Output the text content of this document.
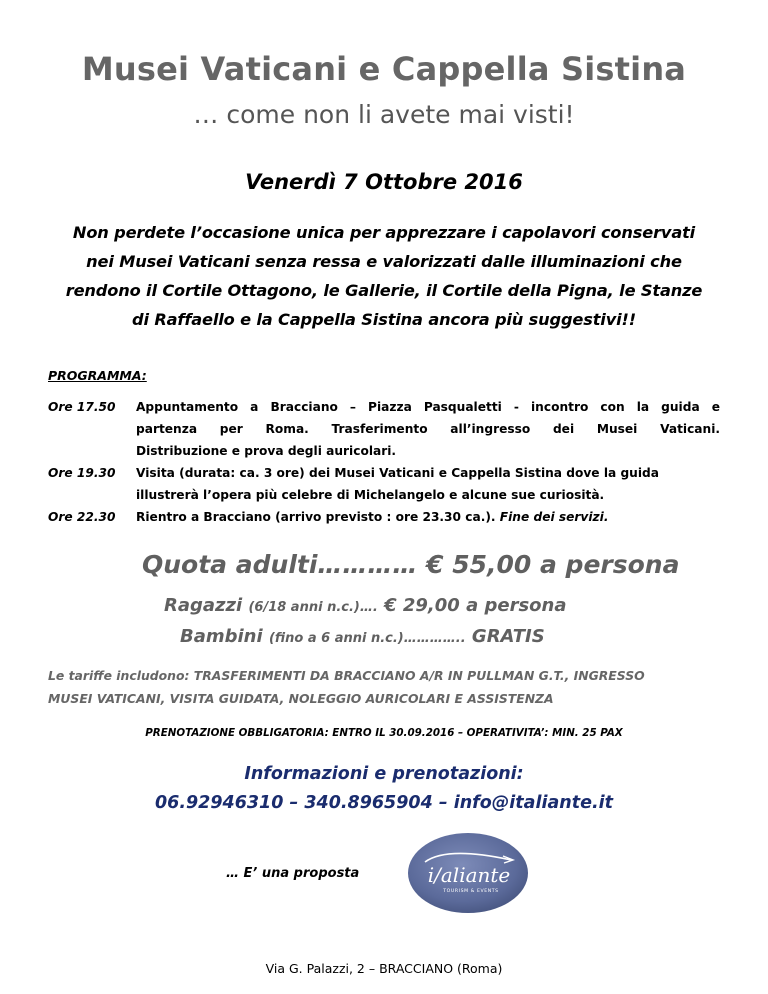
Musei Vaticani e Cappella Sistina
… come non li avete mai visti!
Venerdì 7 Ottobre 2016
Non perdete l’occasione unica per apprezzare i capolavori conservati
nei Musei Vaticani senza ressa e valorizzati dalle illuminazioni che
rendono il Cortile Ottagono, le Gallerie, il Cortile della Pigna, le Stanze
di Raffaello e la Cappella Sistina ancora più suggestivi!!
PROGRAMMA:
Ore 17.50	Appuntamento a Bracciano – Piazza Pasqualetti - incontro con la guida e
partenza per Roma. Trasferimento all’ingresso dei Musei Vaticani.
Distribuzione e prova degli auricolari.
Ore 19.30	Visita (durata: ca. 3 ore) dei Musei Vaticani e Cappella Sistina dove la guida
illustrerà l’opera più celebre di Michelangelo e alcune sue curiosità.
Ore 22.30	Rientro a Bracciano (arrivo previsto : ore 23.30 ca.). Fine dei servizi.
Quota adulti………… € 55,00 a persona
Ragazzi (6/18 anni n.c.)…. € 29,00 a persona
Bambini (fino a 6 anni n.c.)………….. GRATIS
Le tariffe includono: TRASFERIMENTI DA BRACCIANO A/R IN PULLMAN G.T., INGRESSO
MUSEI VATICANI, VISITA GUIDATA, NOLEGGIO AURICOLARI E ASSISTENZA
PRENOTAZIONE OBBLIGATORIA: ENTRO IL 30.09.2016 – OPERATIVITA’: MIN. 25 PAX
Informazioni e prenotazioni:
06.92946310 – 340.8965904 – info@italiante.it
… E’ una proposta	i/aliante
TOURISM & EVENTS
Via G. Palazzi, 2 – BRACCIANO (Roma)
